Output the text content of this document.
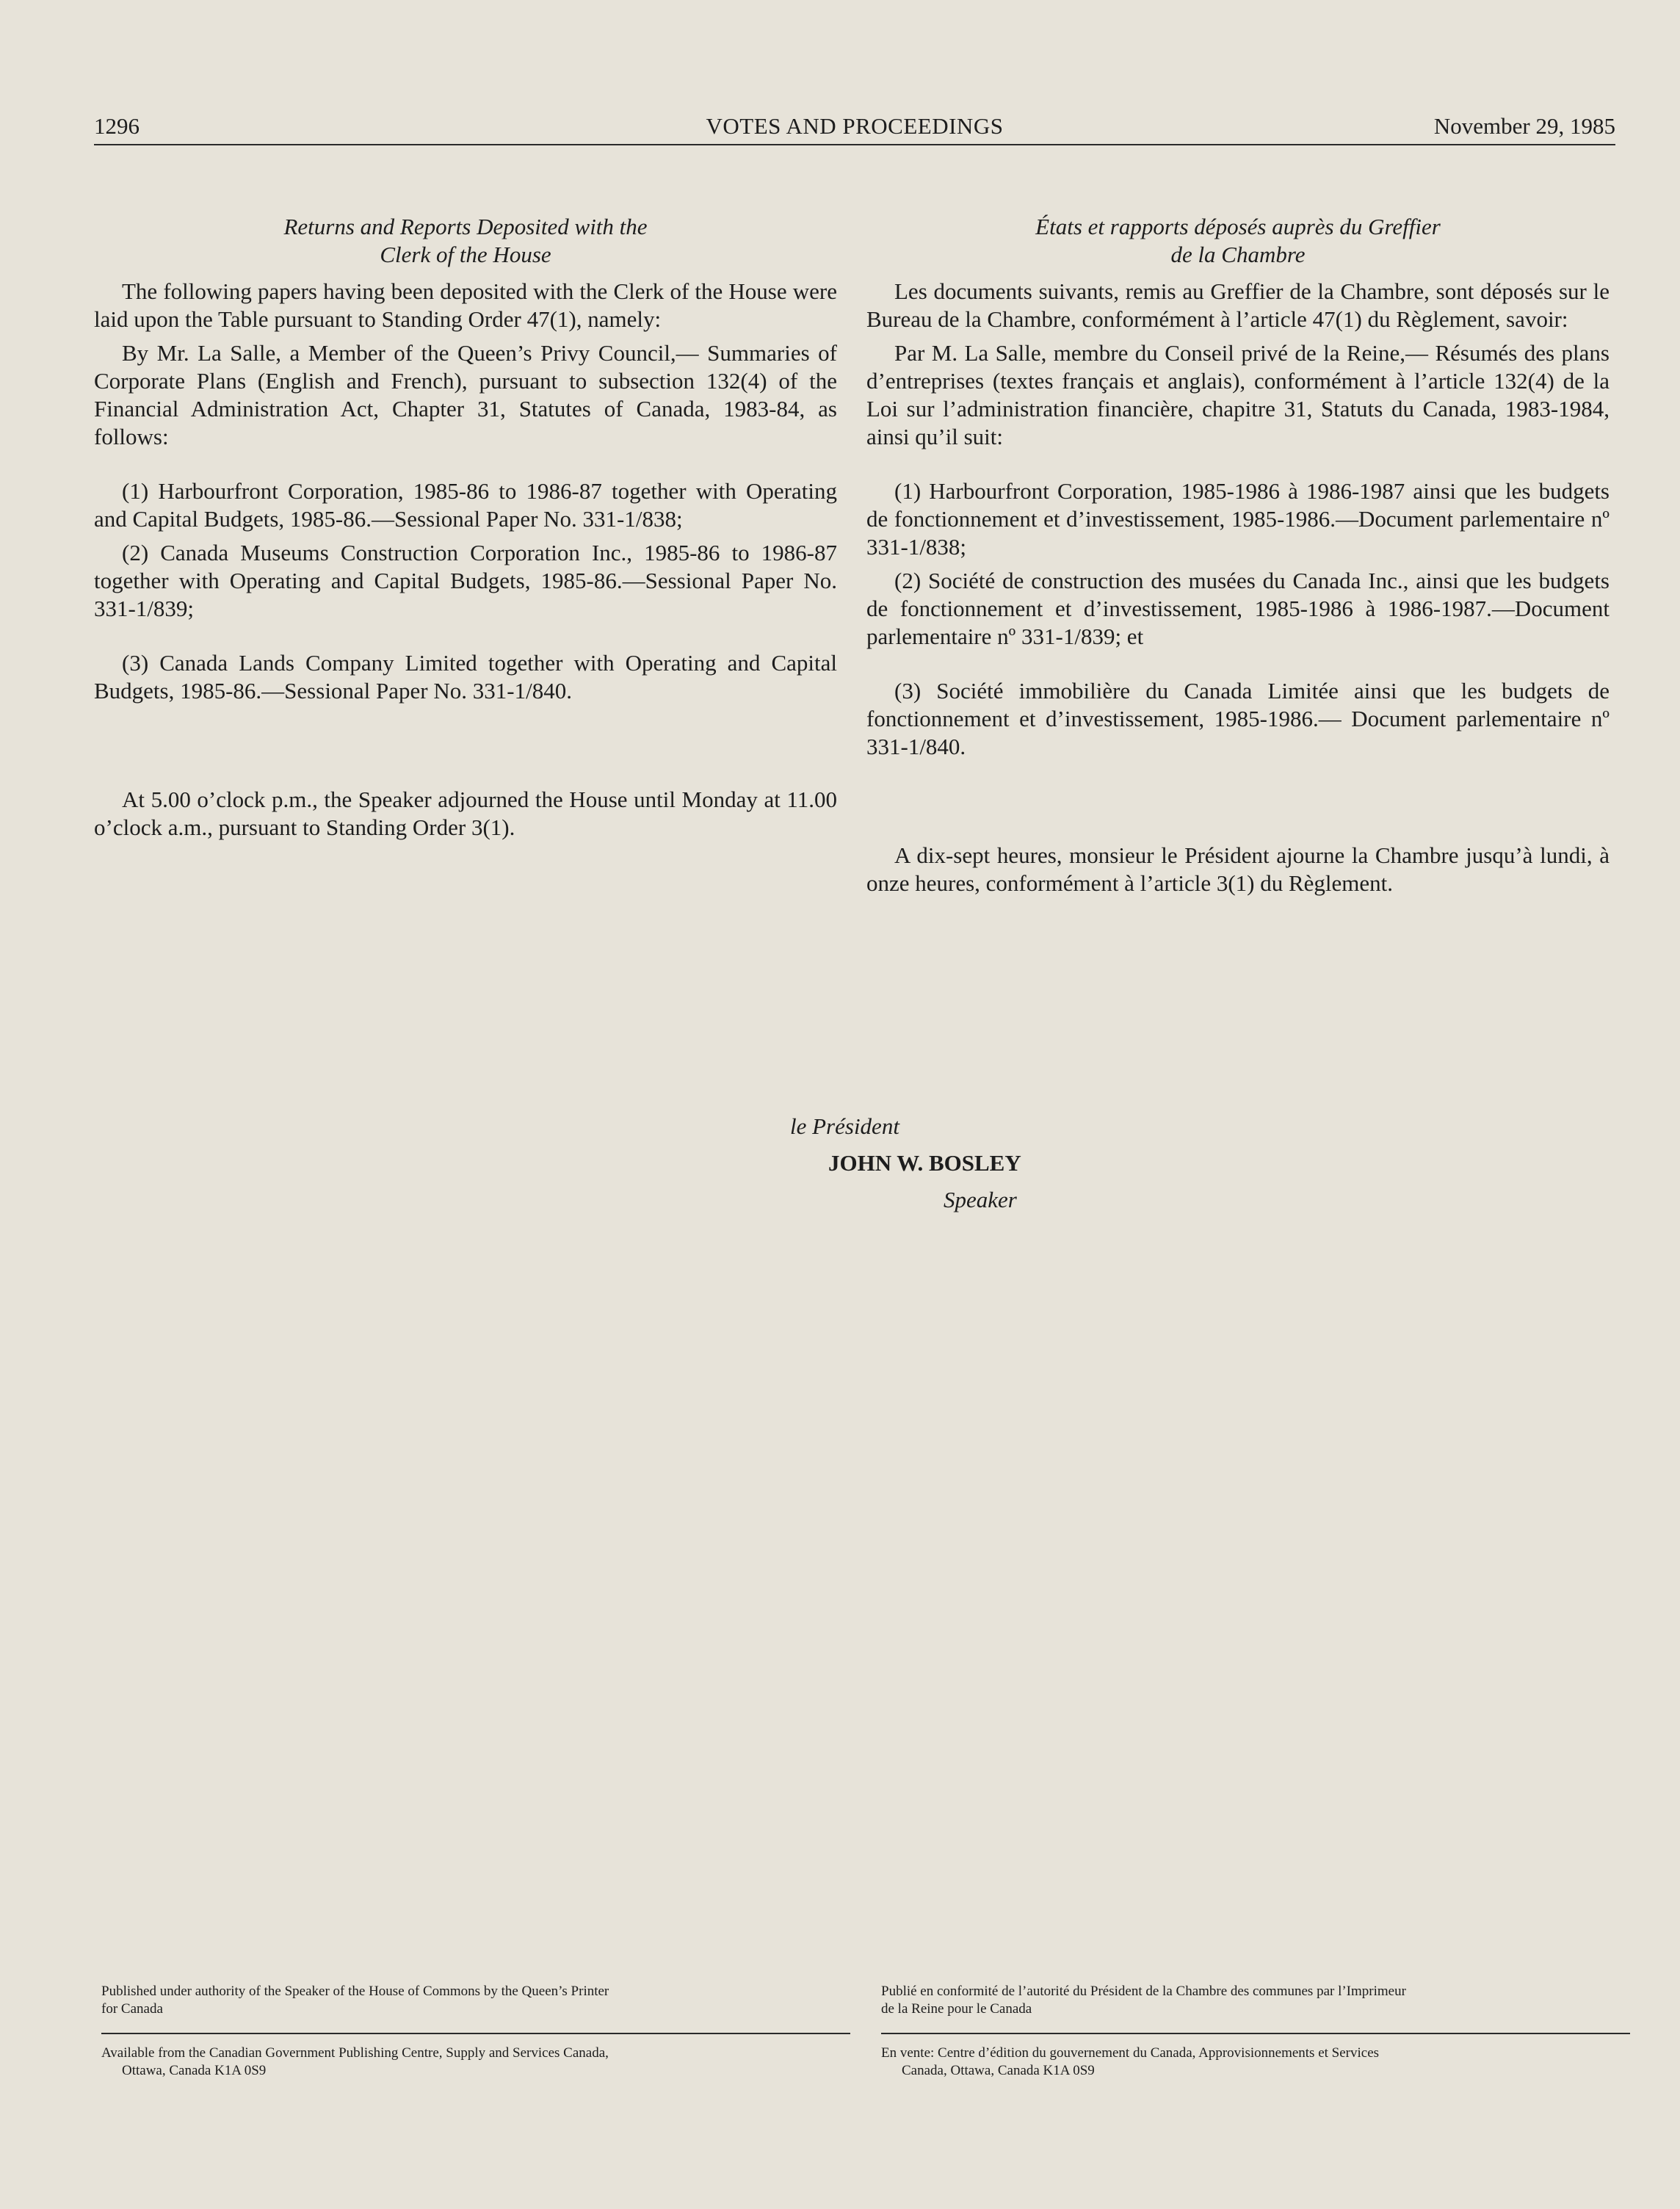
1296	VOTES AND PROCEEDINGS	November 29, 1985
Returns and Reports Deposited with the
Clerk of the House

The following papers having been deposited with the Clerk of the House were laid upon the Table pursuant to Standing Order 47(1), namely:

By Mr. La Salle, a Member of the Queen’s Privy Council,— Summaries of Corporate Plans (English and French), pursuant to subsection 132(4) of the Financial Administration Act, Chapter 31, Statutes of Canada, 1983-84, as follows:

(1) Harbourfront Corporation, 1985-86 to 1986-87 together with Operating and Capital Budgets, 1985-86.—Sessional Paper No. 331-1/838;

(2) Canada Museums Construction Corporation Inc., 1985-86 to 1986-87 together with Operating and Capital Budgets, 1985-86.—Sessional Paper No. 331-1/839;

(3) Canada Lands Company Limited together with Operating and Capital Budgets, 1985-86.—Sessional Paper No. 331-1/840.

At 5.00 o’clock p.m., the Speaker adjourned the House until Monday at 11.00 o’clock a.m., pursuant to Standing Order 3(1).

États et rapports déposés auprès du Greffier
de la Chambre

Les documents suivants, remis au Greffier de la Chambre, sont déposés sur le Bureau de la Chambre, conformément à l’article 47(1) du Règlement, savoir:

Par M. La Salle, membre du Conseil privé de la Reine,— Résumés des plans d’entreprises (textes français et anglais), conformément à l’article 132(4) de la Loi sur l’administration financière, chapitre 31, Statuts du Canada, 1983-1984, ainsi qu’il suit:

(1) Harbourfront Corporation, 1985-1986 à 1986-1987 ainsi que les budgets de fonctionnement et d’investissement, 1985-1986.—Document parlementaire nº 331-1/838;

(2) Société de construction des musées du Canada Inc., ainsi que les budgets de fonctionnement et d’investissement, 1985-1986 à 1986-1987.—Document parlementaire nº 331-1/839; et

(3) Société immobilière du Canada Limitée ainsi que les budgets de fonctionnement et d’investissement, 1985-1986.— Document parlementaire nº 331-1/840.

A dix-sept heures, monsieur le Président ajourne la Chambre jusqu’à lundi, à onze heures, conformément à l’article 3(1) du Règlement.

le Président
JOHN W. BOSLEY
Speaker
Published under authority of the Speaker of the House of Commons by the Queen’s Printer
for Canada
Available from the Canadian Government Publishing Centre, Supply and Services Canada,
Ottawa, Canada K1A 0S9
Publié en conformité de l’autorité du Président de la Chambre des communes par l’Imprimeur
de la Reine pour le Canada
En vente: Centre d’édition du gouvernement du Canada, Approvisionnements et Services
Canada, Ottawa, Canada K1A 0S9
